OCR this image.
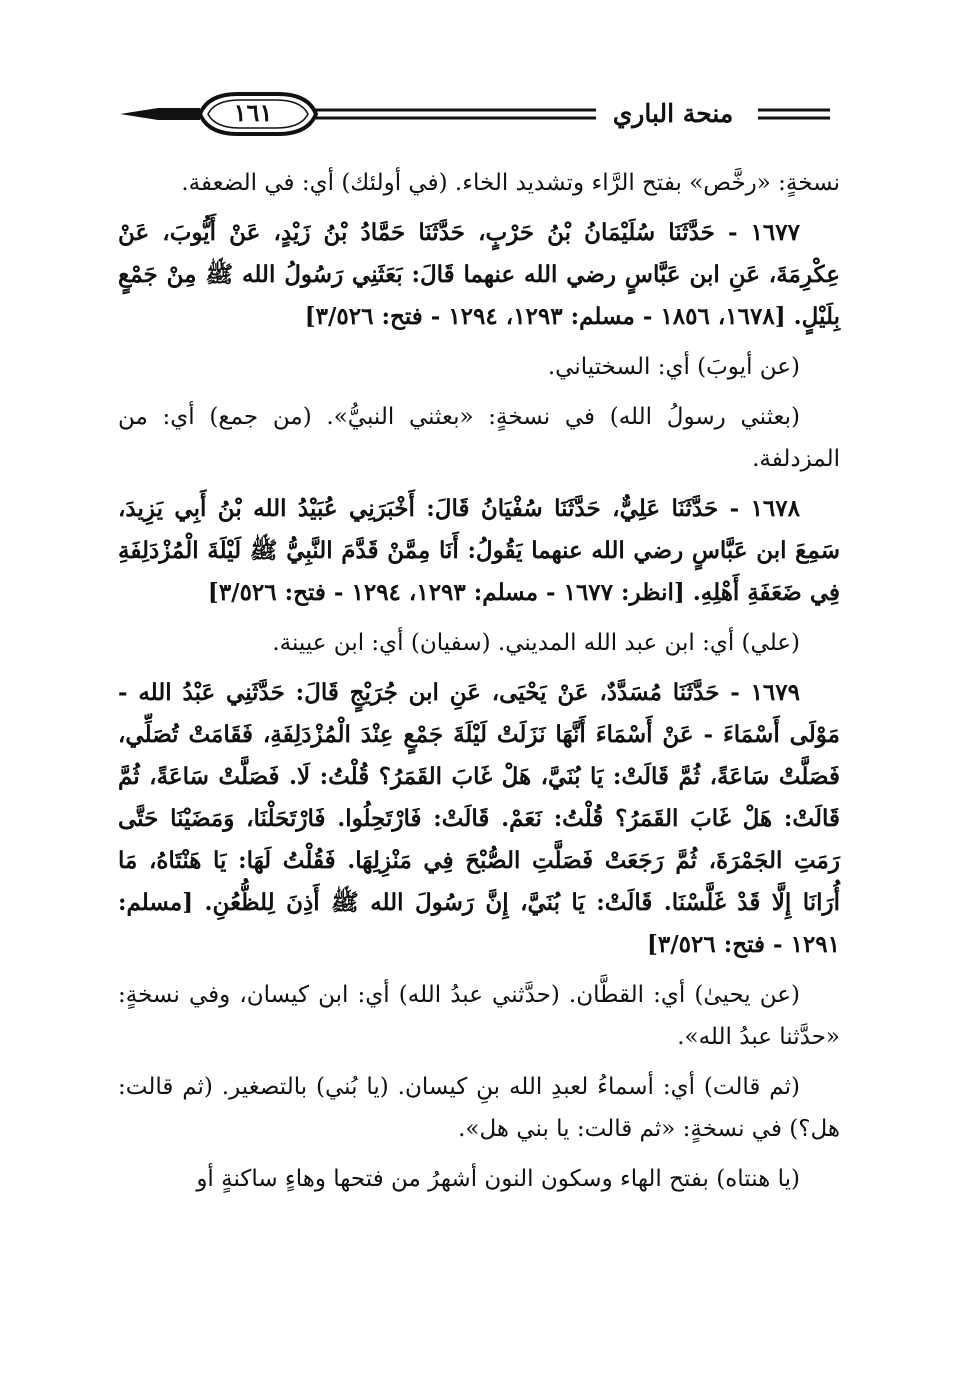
١٦١	منحة الباري

نسخةٍ: «رخَّص» بفتح الرَّاء وتشديد الخاء. (في أولئك) أي: في الضعفة.

١٦٧٧ - حَدَّثَنَا سُلَيْمَانُ بْنُ حَرْبٍ، حَدَّثَنَا حَمَّادُ بْنُ زَيْدٍ، عَنْ أَيُّوبَ، عَنْ عِكْرِمَةَ، عَنِ ابن عَبَّاسٍ رضي الله عنهما قَالَ: بَعَثَنِي رَسُولُ الله ﷺ مِنْ جَمْعٍ بِلَيْلٍ. [١٦٧٨، ١٨٥٦ - مسلم: ١٢٩٣، ١٢٩٤ - فتح: ٣/٥٢٦]

(عن أيوبَ) أي: السختياني.

(بعثني رسولُ الله) في نسخةٍ: «بعثني النبيُّ». (من جمع) أي: من المزدلفة.

١٦٧٨ - حَدَّثَنَا عَلِيٌّ، حَدَّثَنَا سُفْيَانُ قَالَ: أَخْبَرَنِي عُبَيْدُ الله بْنُ أَبِي يَزِيدَ، سَمِعَ ابن عَبَّاسٍ رضي الله عنهما يَقُولُ: أَنَا مِمَّنْ قَدَّمَ النَّبِيُّ ﷺ لَيْلَةَ الْمُزْدَلِفَةِ فِي ضَعَفَةِ أَهْلِهِ. [انظر: ١٦٧٧ - مسلم: ١٢٩٣، ١٢٩٤ - فتح: ٣/٥٢٦]

(علي) أي: ابن عبد الله المديني. (سفيان) أي: ابن عيينة.

١٦٧٩ - حَدَّثَنَا مُسَدَّدٌ، عَنْ يَحْيَى، عَنِ ابن جُرَيْجٍ قَالَ: حَدَّثَنِي عَبْدُ الله - مَوْلَى أَسْمَاءَ - عَنْ أَسْمَاءَ أَنَّهَا نَزَلَتْ لَيْلَةَ جَمْعٍ عِنْدَ الْمُزْدَلِفَةِ، فَقَامَتْ تُصَلِّي، فَصَلَّتْ سَاعَةً، ثُمَّ قَالَتْ: يَا بُنَيَّ، هَلْ غَابَ القَمَرُ؟ قُلْتُ: لَا. فَصَلَّتْ سَاعَةً، ثُمَّ قَالَتْ: هَلْ غَابَ القَمَرُ؟ قُلْتُ: نَعَمْ. قَالَتْ: فَارْتَحِلُوا. فَارْتَحَلْنَا، وَمَضَيْنَا حَتَّى رَمَتِ الجَمْرَةَ، ثُمَّ رَجَعَتْ فَصَلَّتِ الصُّبْحَ فِي مَنْزِلِهَا. فَقُلْتُ لَهَا: يَا هَنْتَاهُ، مَا أُرَانَا إِلَّا قَدْ غَلَّسْنَا. قَالَتْ: يَا بُنَيَّ، إِنَّ رَسُولَ الله ﷺ أَذِنَ لِلظُّعُنِ. [مسلم: ١٢٩١ - فتح: ٣/٥٢٦]

(عن يحيىٰ) أي: القطَّان. (حدَّثني عبدُ الله) أي: ابن كيسان، وفي نسخةٍ: «حدَّثنا عبدُ الله».

(ثم قالت) أي: أسماءُ لعبدِ الله بنِ كيسان. (يا بُني) بالتصغير. (ثم قالت: هل؟) في نسخةٍ: «ثم قالت: يا بني هل».

(يا هنتاه) بفتح الهاء وسكون النون أشهرُ من فتحها وهاءٍ ساكنةٍ أو
